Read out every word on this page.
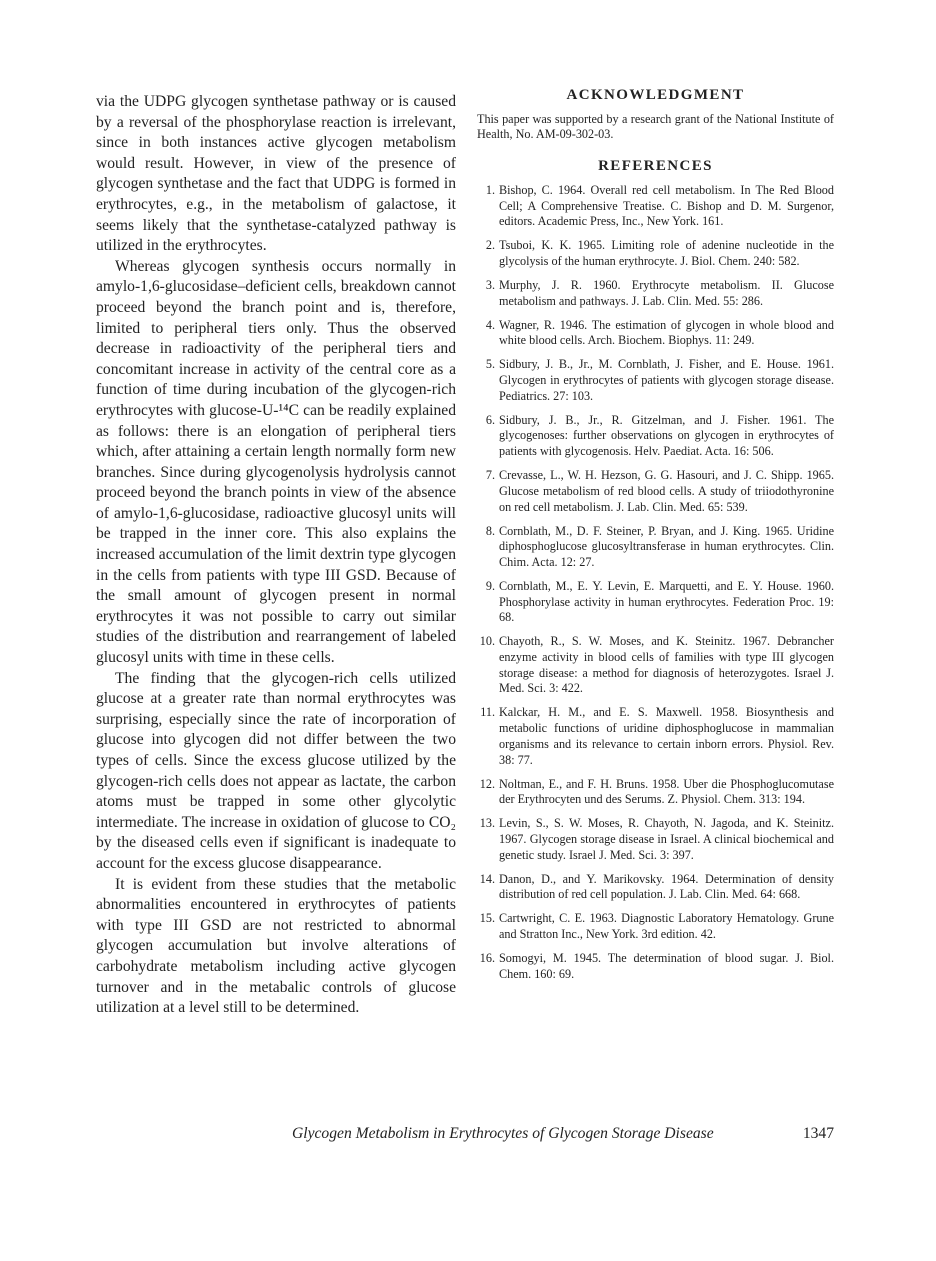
via the UDPG glycogen synthetase pathway or is caused by a reversal of the phosphorylase reaction is irrelevant, since in both instances active glycogen metabolism would result. However, in view of the presence of glycogen synthetase and the fact that UDPG is formed in erythrocytes, e.g., in the metabolism of galactose, it seems likely that the synthetase-catalyzed pathway is utilized in the erythrocytes.

Whereas glycogen synthesis occurs normally in amylo-1,6-glucosidase–deficient cells, breakdown cannot proceed beyond the branch point and is, therefore, limited to peripheral tiers only. Thus the observed decrease in radioactivity of the peripheral tiers and concomitant increase in activity of the central core as a function of time during incubation of the glycogen-rich erythrocytes with glucose-U-¹⁴C can be readily explained as follows: there is an elongation of peripheral tiers which, after attaining a certain length normally form new branches. Since during glycogenolysis hydrolysis cannot proceed beyond the branch points in view of the absence of amylo-1,6-glucosidase, radioactive glucosyl units will be trapped in the inner core. This also explains the increased accumulation of the limit dextrin type glycogen in the cells from patients with type III GSD. Because of the small amount of glycogen present in normal erythrocytes it was not possible to carry out similar studies of the distribution and rearrangement of labeled glucosyl units with time in these cells.

The finding that the glycogen-rich cells utilized glucose at a greater rate than normal erythrocytes was surprising, especially since the rate of incorporation of glucose into glycogen did not differ between the two types of cells. Since the excess glucose utilized by the glycogen-rich cells does not appear as lactate, the carbon atoms must be trapped in some other glycolytic intermediate. The increase in oxidation of glucose to CO₂ by the diseased cells even if significant is inadequate to account for the excess glucose disappearance.

It is evident from these studies that the metabolic abnormalities encountered in erythrocytes of patients with type III GSD are not restricted to abnormal glycogen accumulation but involve alterations of carbohydrate metabolism including active glycogen turnover and in the metabalic controls of glucose utilization at a level still to be determined.

ACKNOWLEDGMENT

This paper was supported by a research grant of the National Institute of Health, No. AM-09-302-03.

REFERENCES
1. Bishop, C. 1964. Overall red cell metabolism. In The Red Blood Cell; A Comprehensive Treatise. C. Bishop and D. M. Surgenor, editors. Academic Press, Inc., New York. 161.
2. Tsuboi, K. K. 1965. Limiting role of adenine nucleotide in the glycolysis of the human erythrocyte. J. Biol. Chem. 240: 582.
3. Murphy, J. R. 1960. Erythrocyte metabolism. II. Glucose metabolism and pathways. J. Lab. Clin. Med. 55: 286.
4. Wagner, R. 1946. The estimation of glycogen in whole blood and white blood cells. Arch. Biochem. Biophys. 11: 249.
5. Sidbury, J. B., Jr., M. Cornblath, J. Fisher, and E. House. 1961. Glycogen in erythrocytes of patients with glycogen storage disease. Pediatrics. 27: 103.
6. Sidbury, J. B., Jr., R. Gitzelman, and J. Fisher. 1961. The glycogenoses: further observations on glycogen in erythrocytes of patients with glycogenosis. Helv. Paediat. Acta. 16: 506.
7. Crevasse, L., W. H. Hezson, G. G. Hasouri, and J. C. Shipp. 1965. Glucose metabolism of red blood cells. A study of triiodothyronine on red cell metabolism. J. Lab. Clin. Med. 65: 539.
8. Cornblath, M., D. F. Steiner, P. Bryan, and J. King. 1965. Uridine diphosphoglucose glucosyltransferase in human erythrocytes. Clin. Chim. Acta. 12: 27.
9. Cornblath, M., E. Y. Levin, E. Marquetti, and E. Y. House. 1960. Phosphorylase activity in human erythrocytes. Federation Proc. 19: 68.
10. Chayoth, R., S. W. Moses, and K. Steinitz. 1967. Debrancher enzyme activity in blood cells of families with type III glycogen storage disease: a method for diagnosis of heterozygotes. Israel J. Med. Sci. 3: 422.
11. Kalckar, H. M., and E. S. Maxwell. 1958. Biosynthesis and metabolic functions of uridine diphosphoglucose in mammalian organisms and its relevance to certain inborn errors. Physiol. Rev. 38: 77.
12. Noltman, E., and F. H. Bruns. 1958. Uber die Phosphoglucomutase der Erythrocyten und des Serums. Z. Physiol. Chem. 313: 194.
13. Levin, S., S. W. Moses, R. Chayoth, N. Jagoda, and K. Steinitz. 1967. Glycogen storage disease in Israel. A clinical biochemical and genetic study. Israel J. Med. Sci. 3: 397.
14. Danon, D., and Y. Marikovsky. 1964. Determination of density distribution of red cell population. J. Lab. Clin. Med. 64: 668.
15. Cartwright, C. E. 1963. Diagnostic Laboratory Hematology. Grune and Stratton Inc., New York. 3rd edition. 42.
16. Somogyi, M. 1945. The determination of blood sugar. J. Biol. Chem. 160: 69.
Glycogen Metabolism in Erythrocytes of Glycogen Storage Disease	1347
